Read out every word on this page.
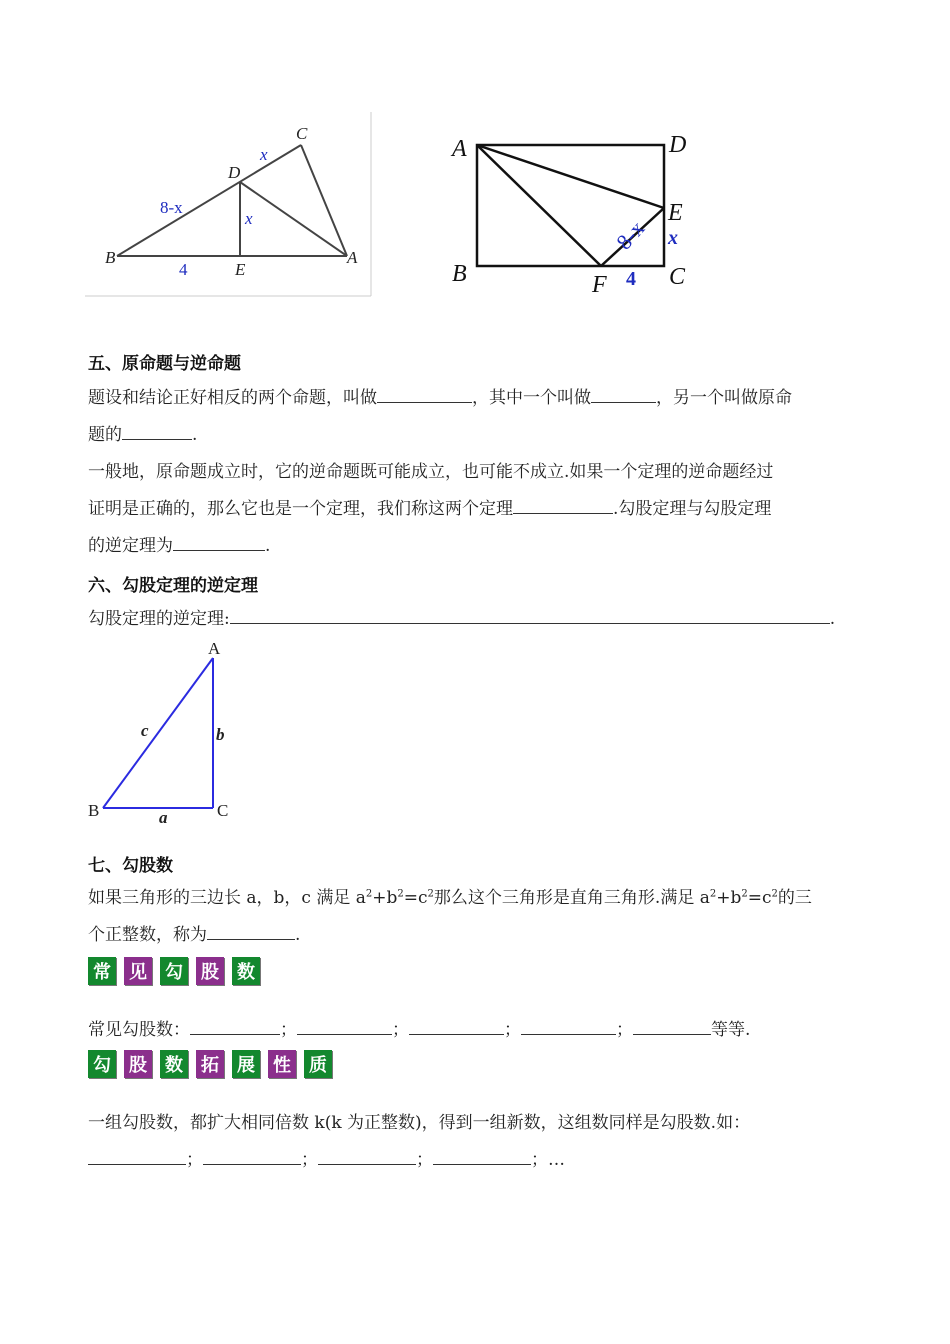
B
E
A
D
C
8-x
x
x
4
A	D
E
B	F	C
8-x x
4
五、原命题与逆命题
题设和结论正好相反的两个命题，叫做	，其中一个叫做	，另一个叫做原命
题的	.
一般地，原命题成立时，它的逆命题既可能成立，也可能不成立.如果一个定理的逆命题经过
证明是正确的，那么它也是一个定理，我们称这两个定理	.勾股定理与勾股定理
的逆定理为	.
六、勾股定理的逆定理
勾股定理的逆定理:	.
A
B	C
a
b
c
七、勾股数
如果三角形的三边长 a，b，c 满足 $a^2+b^2=c^2$那么这个三角形是直角三角形.满足 $a^2+b^2=c^2$的三
个正整数，称为	.
常 见 勾 股 数
常见勾股数：	；	；	；	；	等等.
勾 股 数 拓 展 性 质
一组勾股数，都扩大相同倍数 k(k 为正整数)，得到一组新数，这组数同样是勾股数.如：
；	；	；	；…
